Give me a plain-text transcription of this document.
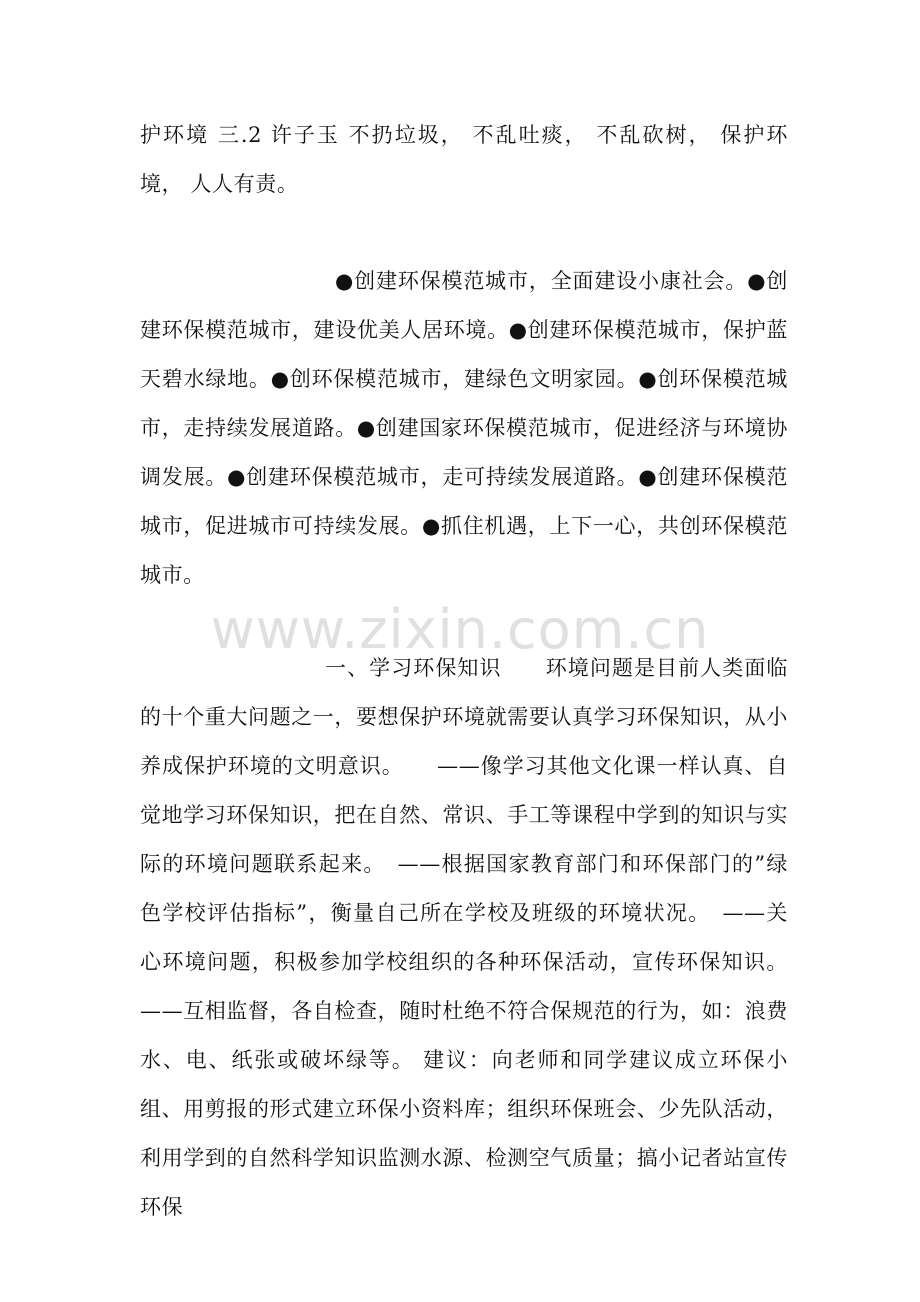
护环境 三.2 许子玉 不扔垃圾， 不乱吐痰， 不乱砍树， 保护环境， 人人有责。

●创建环保模范城市，全面建设小康社会。●创建环保模范城市，建设优美人居环境。●创建环保模范城市，保护蓝天碧水绿地。●创环保模范城市，建绿色文明家园。●创环保模范城市，走持续发展道路。●创建国家环保模范城市，促进经济与环境协调发展。●创建环保模范城市，走可持续发展道路。●创建环保模范城市，促进城市可持续发展。●抓住机遇，上下一心，共创环保模范城市。

www.zixin.com.cn

一、学习环保知识　　环境问题是目前人类面临的十个重大问题之一，要想保护环境就需要认真学习环保知识，从小养成保护环境的文明意识。　　——像学习其他文化课一样认真、自觉地学习环保知识，把在自然、常识、手工等课程中学到的知识与实际的环境问题联系起来。　——根据国家教育部门和环保部门的”绿色学校评估指标”，衡量自己所在学校及班级的环境状况。　——关心环境问题，积极参加学校组织的各种环保活动，宣传环保知识。——互相监督，各自检查，随时杜绝不符合保规范的行为，如：浪费水、电、纸张或破坏绿等。 建议：向老师和同学建议成立环保小组、用剪报的形式建立环保小资料库；组织环保班会、少先队活动，利用学到的自然科学知识监测水源、检测空气质量；搞小记者站宣传环保
